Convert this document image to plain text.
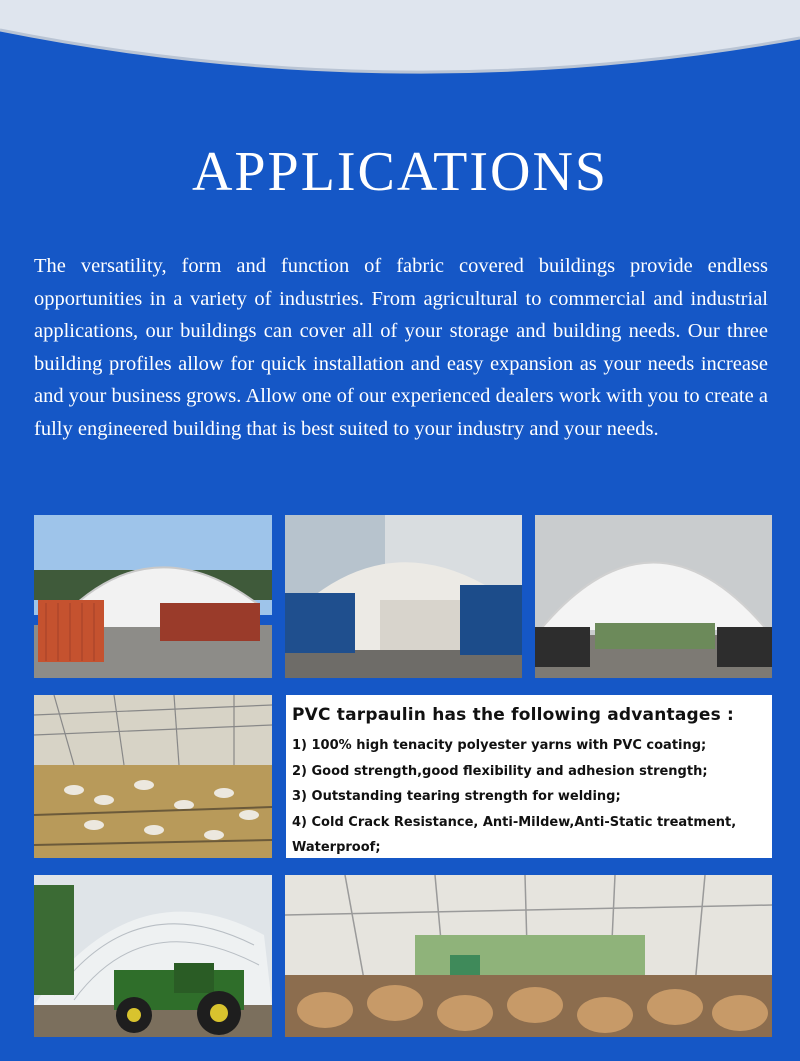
APPLICATIONS

The versatility, form and function of fabric covered buildings provide endless opportunities in a variety of industries. From agricultural to commercial and industrial applications, our buildings can cover all of your storage and building needs. Our three building profiles allow for quick installation and easy expansion as your needs increase and your business grows. Allow one of our experienced dealers work with you to create a fully engineered building that is best suited to your industry and your needs.

PVC tarpaulin has the following advantages :
1) 100% high tenacity polyester yarns with PVC coating;
2) Good strength,good flexibility and adhesion strength;
3) Outstanding tearing strength for welding;
4) Cold Crack Resistance, Anti-Mildew,Anti-Static treatment, Waterproof;
